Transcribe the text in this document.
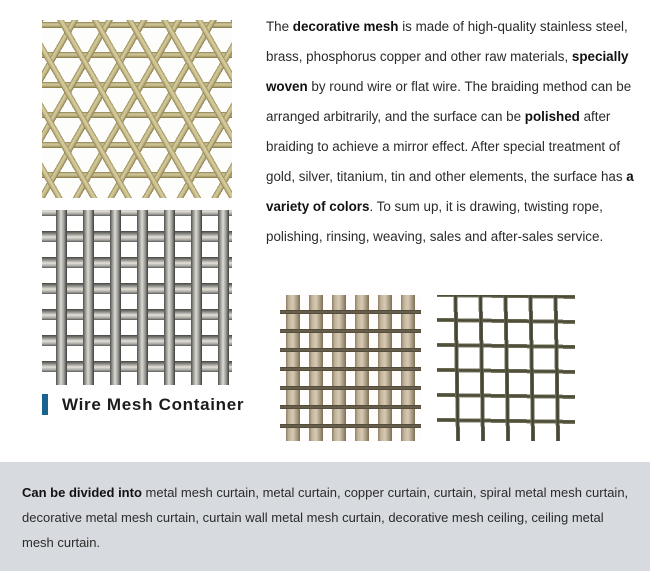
Wire Mesh Container
The decorative mesh is made of high-quality stainless steel, brass, phosphorus copper and other raw materials, specially woven by round wire or flat wire. The braiding method can be arranged arbitrarily, and the surface can be polished after braiding to achieve a mirror effect. After special treatment of gold, silver, titanium, tin and other elements, the surface has a variety of colors. To sum up, it is drawing, twisting rope, polishing, rinsing, weaving, sales and after-sales service.
Can be divided into metal mesh curtain, metal curtain, copper curtain, curtain, spiral metal mesh curtain, decorative metal mesh curtain, curtain wall metal mesh curtain, decorative mesh ceiling, ceiling metal mesh curtain.
